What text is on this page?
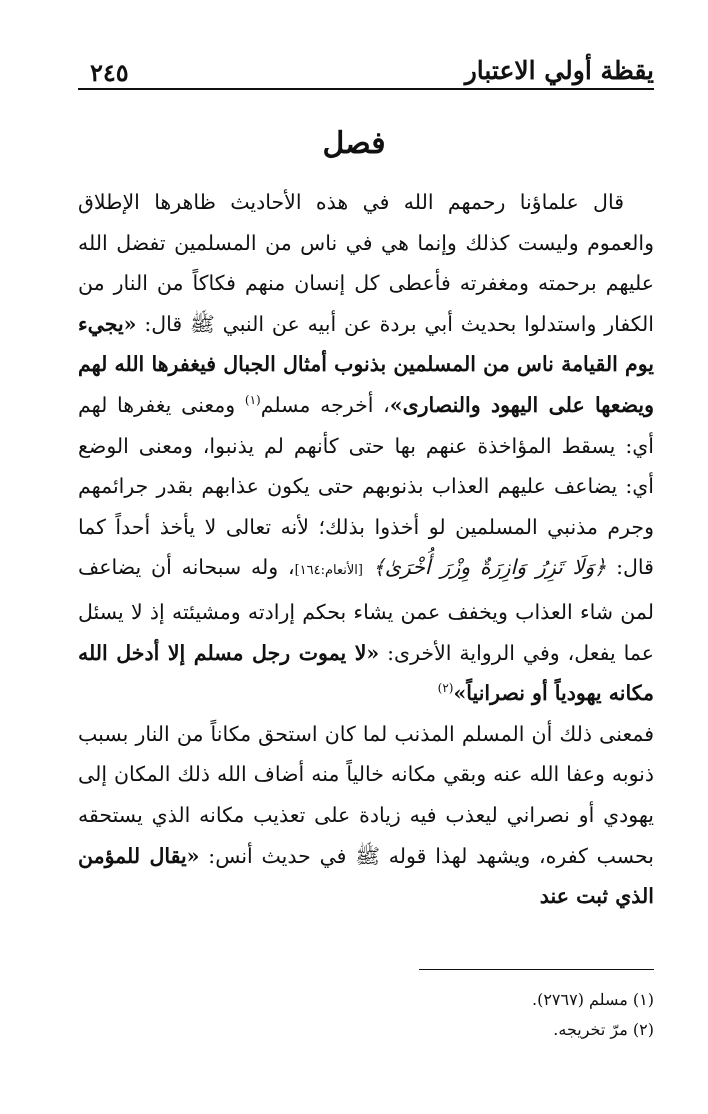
يقظة أولي الاعتبار
٢٤٥
فصل

قال علماؤنا رحمهم الله في هذه الأحاديث ظاهرها الإطلاق والعموم وليست كذلك وإنما هي في ناس من المسلمين تفضل الله عليهم برحمته ومغفرته فأعطى كل إنسان منهم فكاكاً من النار من الكفار واستدلوا بحديث أبي بردة عن أبيه عن النبي ﷺ قال: «يجيء يوم القيامة ناس من المسلمين بذنوب أمثال الجبال فيغفرها الله لهم ويضعها على اليهود والنصارى»، أخرجه مسلم$^{(١)}$ ومعنى يغفرها لهم أي: يسقط المؤاخذة عنهم بها حتى كأنهم لم يذنبوا، ومعنى الوضع أي: يضاعف عليهم العذاب بذنوبهم حتى يكون عذابهم بقدر جرائمهم وجرم مذنبي المسلمين لو أخذوا بذلك؛ لأنه تعالى لا يأخذ أحداً كما قال: ﴿وَلَا تَزِرُ وَازِرَةٌ وِزْرَ أُخْرَىٰ﴾ [الأنعام:١٦٤]، وله سبحانه أن يضاعف لمن شاء العذاب ويخفف عمن يشاء بحكم إرادته ومشيئته إذ لا يسئل عما يفعل، وفي الرواية الأخرى: «لا يموت رجل مسلم إلا أدخل الله مكانه يهودياً أو نصرانياً»$^{(٢)}$

فمعنى ذلك أن المسلم المذنب لما كان استحق مكاناً من النار بسبب ذنوبه وعفا الله عنه وبقي مكانه خالياً منه أضاف الله ذلك المكان إلى يهودي أو نصراني ليعذب فيه زيادة على تعذيب مكانه الذي يستحقه بحسب كفره، ويشهد لهذا قوله ﷺ في حديث أنس: «يقال للمؤمن الذي ثبت عند

(١) مسلم (٢٧٦٧).
(٢) مرّ تخريجه.
